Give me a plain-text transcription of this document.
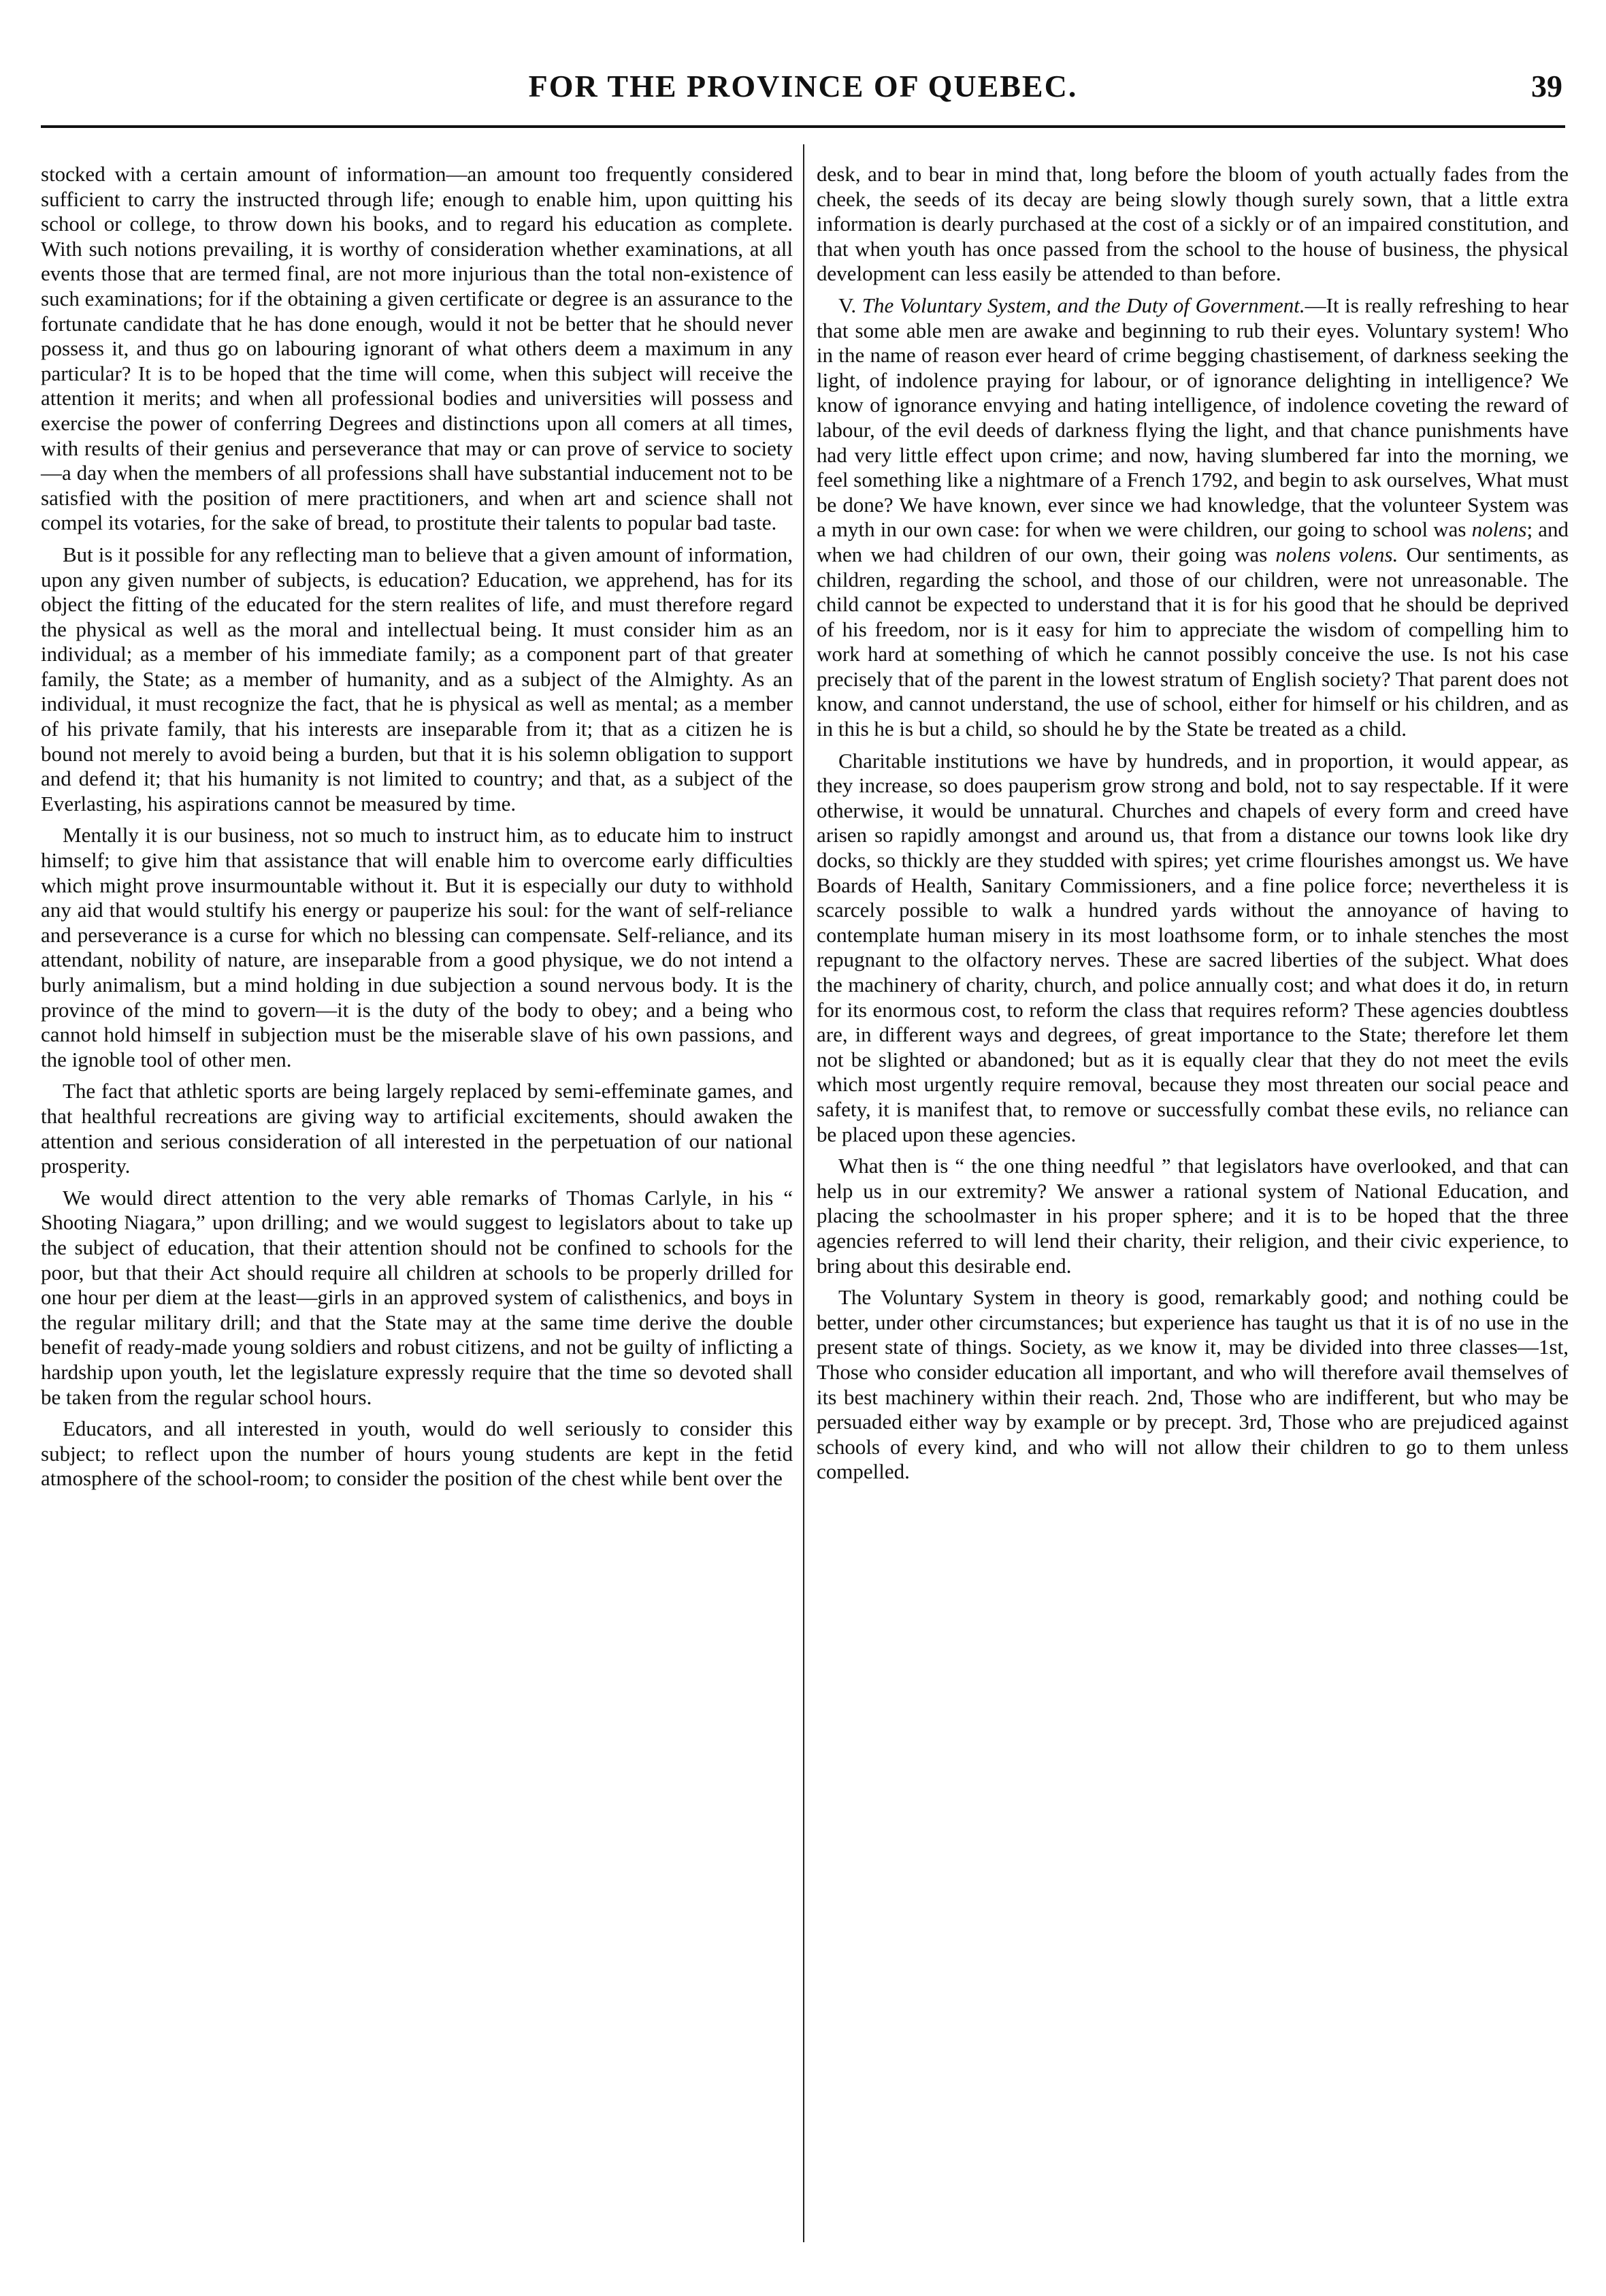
FOR THE PROVINCE OF QUEBEC.	39

stocked with a certain amount of information—an amount too frequently considered sufficient to carry the instructed through life; enough to enable him, upon quitting his school or college, to throw down his books, and to regard his education as complete. With such notions prevailing, it is worthy of consideration whether examinations, at all events those that are termed final, are not more injurious than the total non-existence of such examinations; for if the obtaining a given certificate or degree is an assurance to the fortunate candidate that he has done enough, would it not be better that he should never possess it, and thus go on labouring ignorant of what others deem a maximum in any particular? It is to be hoped that the time will come, when this subject will receive the attention it merits; and when all professional bodies and universities will possess and exercise the power of conferring Degrees and distinctions upon all comers at all times, with results of their genius and perseverance that may or can prove of service to society—a day when the members of all professions shall have substantial inducement not to be satisfied with the position of mere practitioners, and when art and science shall not compel its votaries, for the sake of bread, to prostitute their talents to popular bad taste.

But is it possible for any reflecting man to believe that a given amount of information, upon any given number of subjects, is education? Education, we apprehend, has for its object the fitting of the educated for the stern realites of life, and must therefore regard the physical as well as the moral and intellectual being. It must consider him as an individual; as a member of his immediate family; as a component part of that greater family, the State; as a member of humanity, and as a subject of the Almighty. As an individual, it must recognize the fact, that he is physical as well as mental; as a member of his private family, that his interests are inseparable from it; that as a citizen he is bound not merely to avoid being a burden, but that it is his solemn obligation to support and defend it; that his humanity is not limited to country; and that, as a subject of the Everlasting, his aspirations cannot be measured by time.

Mentally it is our business, not so much to instruct him, as to educate him to instruct himself; to give him that assistance that will enable him to overcome early difficulties which might prove insurmountable without it. But it is especially our duty to withhold any aid that would stultify his energy or pauperize his soul: for the want of self-reliance and perseverance is a curse for which no blessing can compensate. Self-reliance, and its attendant, nobility of nature, are inseparable from a good physique, we do not intend a burly animalism, but a mind holding in due subjection a sound nervous body. It is the province of the mind to govern—it is the duty of the body to obey; and a being who cannot hold himself in subjection must be the miserable slave of his own passions, and the ignoble tool of other men.

The fact that athletic sports are being largely replaced by semi-effeminate games, and that healthful recreations are giving way to artificial excitements, should awaken the attention and serious consideration of all interested in the perpetuation of our national prosperity.

We would direct attention to the very able remarks of Thomas Carlyle, in his “ Shooting Niagara,” upon drilling; and we would suggest to legislators about to take up the subject of education, that their attention should not be confined to schools for the poor, but that their Act should require all children at schools to be properly drilled for one hour per diem at the least—girls in an approved system of calisthenics, and boys in the regular military drill; and that the State may at the same time derive the double benefit of ready-made young soldiers and robust citizens, and not be guilty of inflicting a hardship upon youth, let the legislature expressly require that the time so devoted shall be taken from the regular school hours.

Educators, and all interested in youth, would do well seriously to consider this subject; to reflect upon the number of hours young students are kept in the fetid atmosphere of the school-room; to consider the position of the chest while bent over the

desk, and to bear in mind that, long before the bloom of youth actually fades from the cheek, the seeds of its decay are being slowly though surely sown, that a little extra information is dearly purchased at the cost of a sickly or of an impaired constitution, and that when youth has once passed from the school to the house of business, the physical development can less easily be attended to than before.

V. The Voluntary System, and the Duty of Government.—It is really refreshing to hear that some able men are awake and beginning to rub their eyes. Voluntary system! Who in the name of reason ever heard of crime begging chastisement, of darkness seeking the light, of indolence praying for labour, or of ignorance delighting in intelligence? We know of ignorance envying and hating intelligence, of indolence coveting the reward of labour, of the evil deeds of darkness flying the light, and that chance punishments have had very little effect upon crime; and now, having slumbered far into the morning, we feel something like a nightmare of a French 1792, and begin to ask ourselves, What must be done? We have known, ever since we had knowledge, that the volunteer System was a myth in our own case: for when we were children, our going to school was nolens; and when we had children of our own, their going was nolens volens. Our sentiments, as children, regarding the school, and those of our children, were not unreasonable. The child cannot be expected to understand that it is for his good that he should be deprived of his freedom, nor is it easy for him to appreciate the wisdom of compelling him to work hard at something of which he cannot possibly conceive the use. Is not his case precisely that of the parent in the lowest stratum of English society? That parent does not know, and cannot understand, the use of school, either for himself or his children, and as in this he is but a child, so should he by the State be treated as a child.

Charitable institutions we have by hundreds, and in proportion, it would appear, as they increase, so does pauperism grow strong and bold, not to say respectable. If it were otherwise, it would be unnatural. Churches and chapels of every form and creed have arisen so rapidly amongst and around us, that from a distance our towns look like dry docks, so thickly are they studded with spires; yet crime flourishes amongst us. We have Boards of Health, Sanitary Commissioners, and a fine police force; nevertheless it is scarcely possible to walk a hundred yards without the annoyance of having to contemplate human misery in its most loathsome form, or to inhale stenches the most repugnant to the olfactory nerves. These are sacred liberties of the subject. What does the machinery of charity, church, and police annually cost; and what does it do, in return for its enormous cost, to reform the class that requires reform? These agencies doubtless are, in different ways and degrees, of great importance to the State; therefore let them not be slighted or abandoned; but as it is equally clear that they do not meet the evils which most urgently require removal, because they most threaten our social peace and safety, it is manifest that, to remove or successfully combat these evils, no reliance can be placed upon these agencies.

What then is “ the one thing needful ” that legislators have overlooked, and that can help us in our extremity? We answer a rational system of National Education, and placing the schoolmaster in his proper sphere; and it is to be hoped that the three agencies referred to will lend their charity, their religion, and their civic experience, to bring about this desirable end.

The Voluntary System in theory is good, remarkably good; and nothing could be better, under other circumstances; but experience has taught us that it is of no use in the present state of things. Society, as we know it, may be divided into three classes—1st, Those who consider education all important, and who will therefore avail themselves of its best machinery within their reach. 2nd, Those who are indifferent, but who may be persuaded either way by example or by precept. 3rd, Those who are prejudiced against schools of every kind, and who will not allow their children to go to them unless compelled.
